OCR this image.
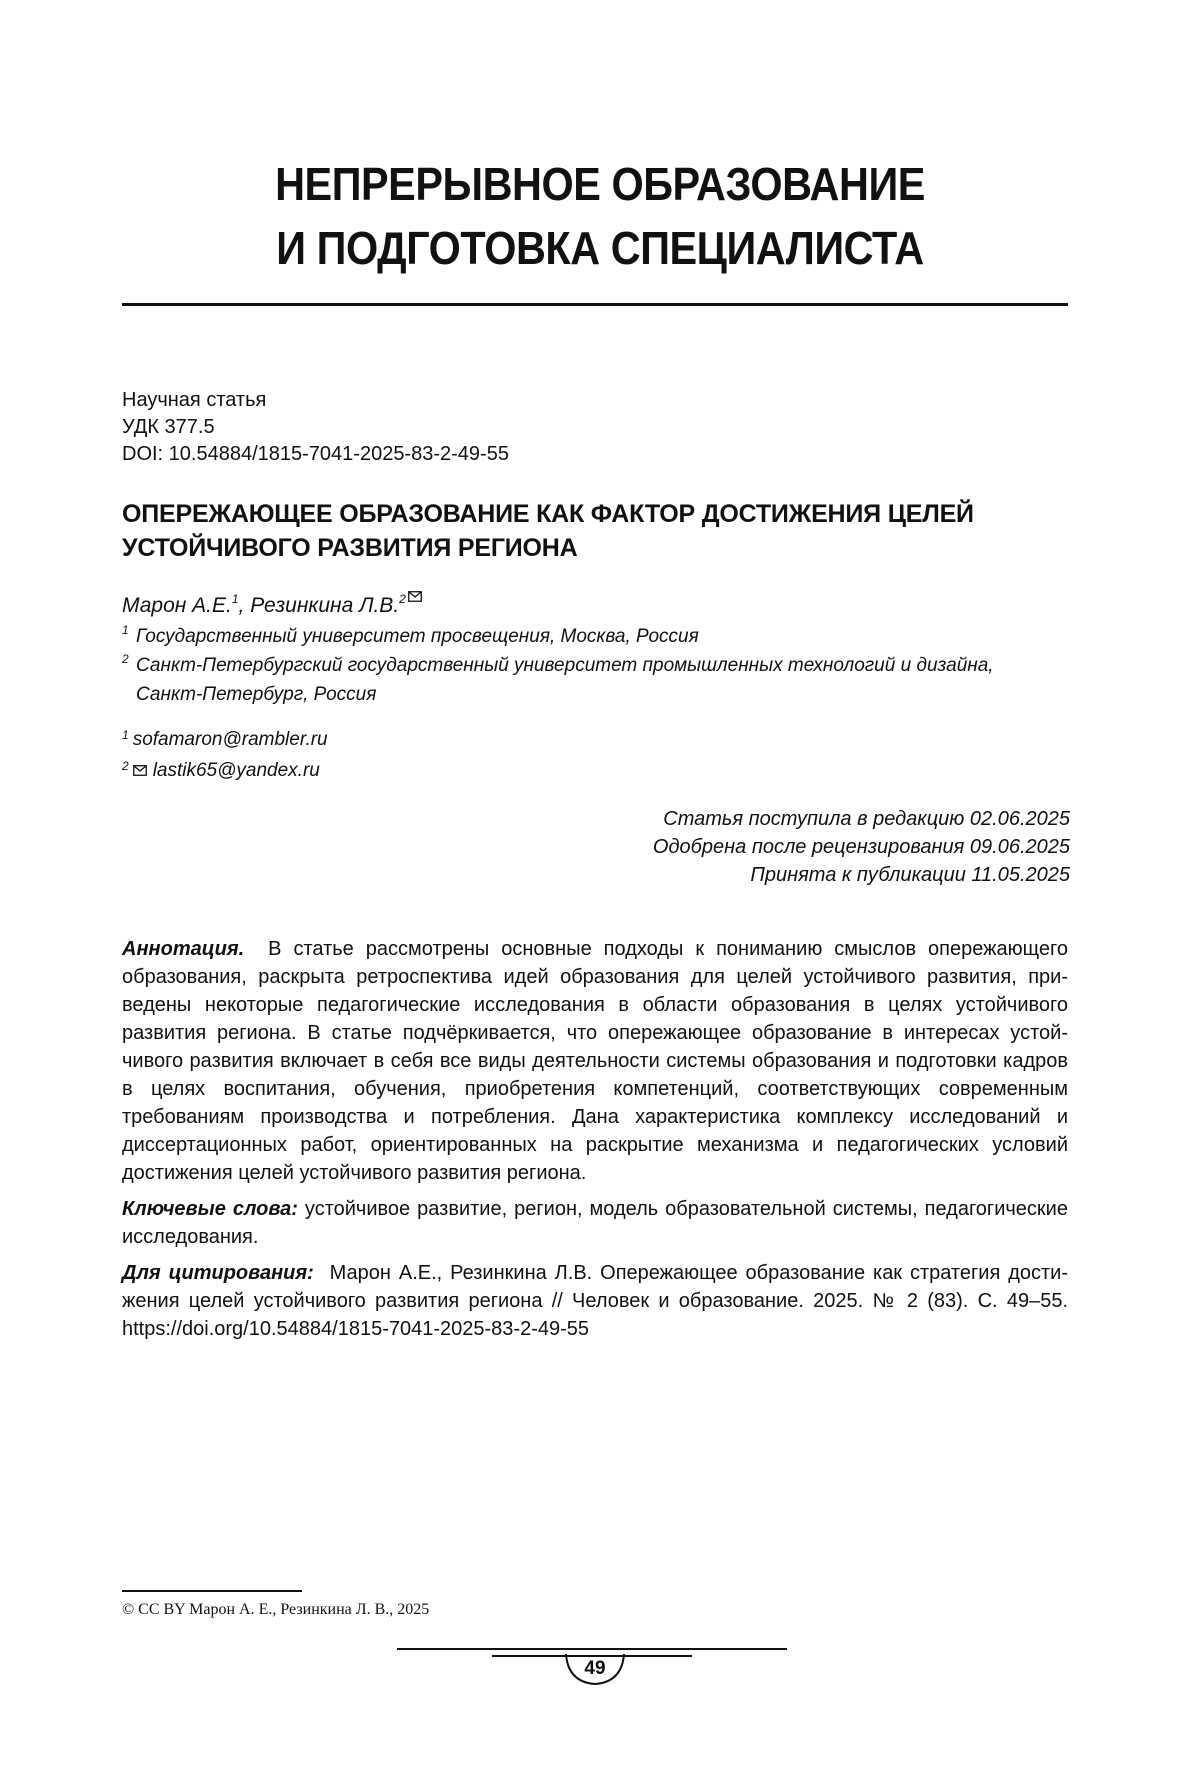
НЕПРЕРЫВНОЕ ОБРАЗОВАНИЕ
И ПОДГОТОВКА СПЕЦИАЛИСТА
Научная статья
УДК 377.5
DOI: 10.54884/1815-7041-2025-83-2-49-55
ОПЕРЕЖАЮЩЕЕ ОБРАЗОВАНИЕ КАК ФАКТОР ДОСТИЖЕНИЯ ЦЕЛЕЙ
УСТОЙЧИВОГО РАЗВИТИЯ РЕГИОНА
Марон А.Е.$^1$, Резинкина Л.В.$^2$
1 Государственный университет просвещения, Москва, Россия
2 Санкт-Петербургский государственный университет промышленных технологий и дизайна,
Санкт-Петербург, Россия
1 sofamaron@rambler.ru
2 lastik65@yandex.ru
Статья поступила в редакцию 02.06.2025
Одобрена после рецензирования 09.06.2025
Принята к публикации 11.05.2025

Аннотация. В статье рассмотрены основные подходы к пониманию смыслов опережающего образования, раскрыта ретроспектива идей образования для целей устойчивого развития, приведены некоторые педагогические исследования в области образования в целях устойчивого развития региона. В статье подчёркивается, что опережающее образование в интересах устойчивого развития включает в себя все виды деятельности системы образования и подготовки кадров в целях воспитания, обучения, приобретения компетенций, соответствующих современным требованиям производства и потребления. Дана характеристика комплексу исследований и диссертационных работ, ориентированных на раскрытие механизма и педагогических условий достижения целей устойчивого развития региона.

Ключевые слова: устойчивое развитие, регион, модель образовательной системы, педагогические исследования.

Для цитирования: Марон А.Е., Резинкина Л.В. Опережающее образование как стратегия достижения целей устойчивого развития региона // Человек и образование. 2025. № 2 (83). С. 49–55. https://doi.org/10.54884/1815-7041-2025-83-2-49-55

© CC BY Марон А. Е., Резинкина Л. В., 2025
49
